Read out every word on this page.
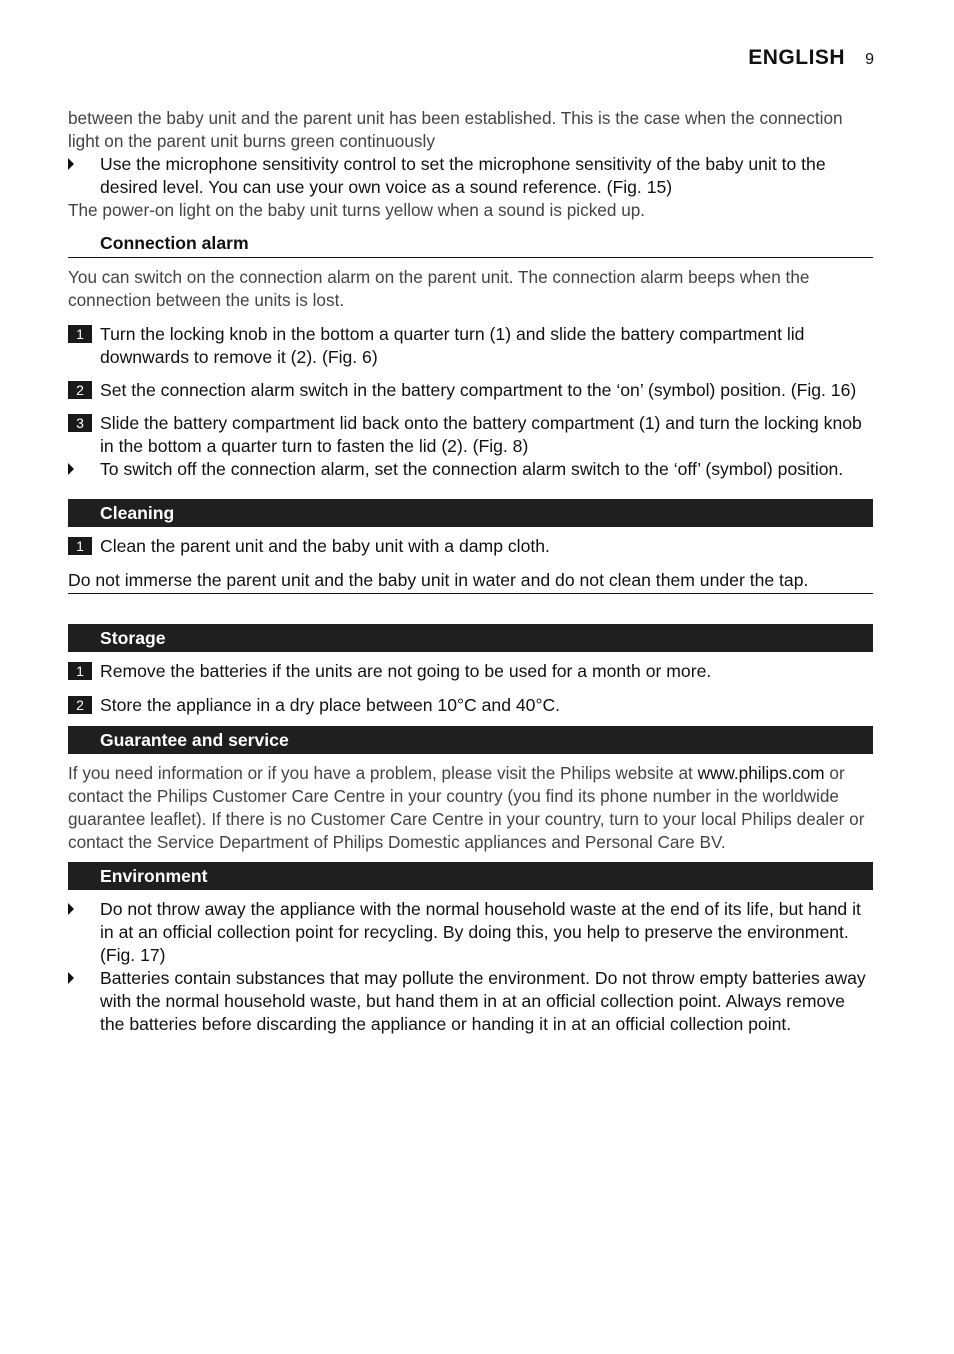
ENGLISH 9

between the baby unit and the parent unit has been established. This is the case when the connection light on the parent unit burns green continuously

Use the microphone sensitivity control to set the microphone sensitivity of the baby unit to the desired level. You can use your own voice as a sound reference. (Fig. 15)

The power-on light on the baby unit turns yellow when a sound is picked up.

Connection alarm

You can switch on the connection alarm on the parent unit. The connection alarm beeps when the connection between the units is lost.

1 Turn the locking knob in the bottom a quarter turn (1) and slide the battery compartment lid downwards to remove it (2). (Fig. 6)
2 Set the connection alarm switch in the battery compartment to the ‘on’ (symbol) position. (Fig. 16)
3 Slide the battery compartment lid back onto the battery compartment (1) and turn the locking knob in the bottom a quarter turn to fasten the lid (2). (Fig. 8)
To switch off the connection alarm, set the connection alarm switch to the ‘off’ (symbol) position.
Cleaning
1 Clean the parent unit and the baby unit with a damp cloth.

Do not immerse the parent unit and the baby unit in water and do not clean them under the tap.

Storage
1 Remove the batteries if the units are not going to be used for a month or more.
2 Store the appliance in a dry place between 10°C and 40°C.
Guarantee and service

If you need information or if you have a problem, please visit the Philips website at www.philips.com or contact the Philips Customer Care Centre in your country (you find its phone number in the worldwide guarantee leaflet). If there is no Customer Care Centre in your country, turn to your local Philips dealer or contact the Service Department of Philips Domestic appliances and Personal Care BV.

Environment
Do not throw away the appliance with the normal household waste at the end of its life, but hand it in at an official collection point for recycling. By doing this, you help to preserve the environment. (Fig. 17)
Batteries contain substances that may pollute the environment. Do not throw empty batteries away with the normal household waste, but hand them in at an official collection point. Always remove the batteries before discarding the appliance or handing it in at an official collection point.
